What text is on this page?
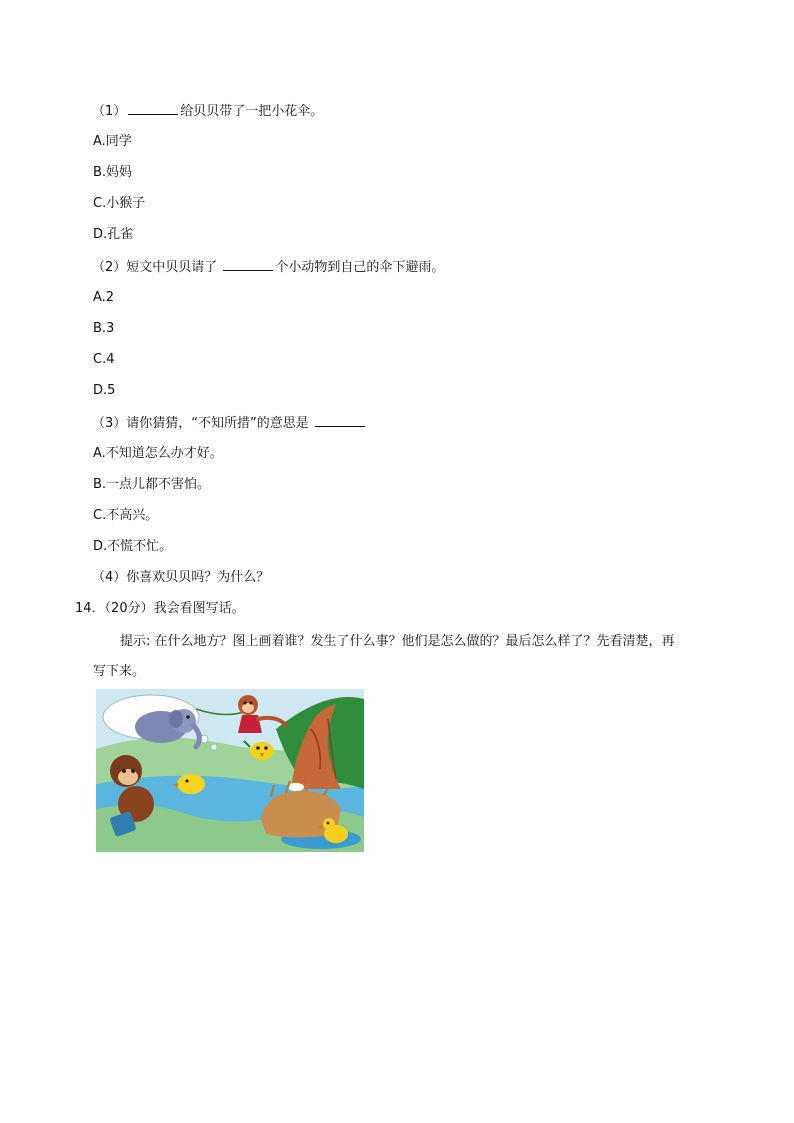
（1）	给贝贝带了一把小花伞。
A.同学
B.妈妈
C.小猴子
D.孔雀
（2）短文中贝贝请了	个小动物到自己的伞下避雨。
A.2
B.3
C.4
D.5
（3）请你猜猜，“不知所措”的意思是
A.不知道怎么办才好。
B.一点儿都不害怕。
C.不高兴。
D.不慌不忙。
（4）你喜欢贝贝吗？为什么？
14．（20分）我会看图写话。
提示: 在什么地方？图上画着谁？发生了什么事？他们是怎么做的？最后怎么样了？先看清楚，再
写下来。
